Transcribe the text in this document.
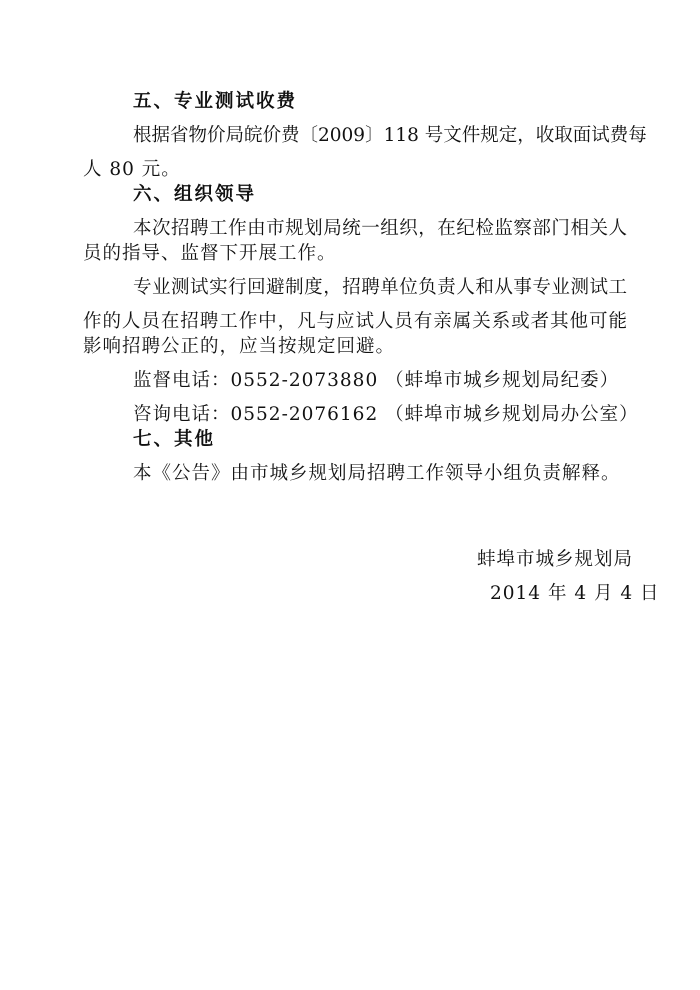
五、专业测试收费
根据省物价局皖价费〔2009〕118 号文件规定，收取面试费每
人 80 元。
六、组织领导
本次招聘工作由市规划局统一组织，在纪检监察部门相关人
员的指导、监督下开展工作。
专业测试实行回避制度，招聘单位负责人和从事专业测试工
作的人员在招聘工作中，凡与应试人员有亲属关系或者其他可能
影响招聘公正的，应当按规定回避。
监督电话：0552-2073880 （蚌埠市城乡规划局纪委）
咨询电话：0552-2076162 （蚌埠市城乡规划局办公室）
七、其他
本《公告》由市城乡规划局招聘工作领导小组负责解释。
蚌埠市城乡规划局
2014 年 4 月 4 日
